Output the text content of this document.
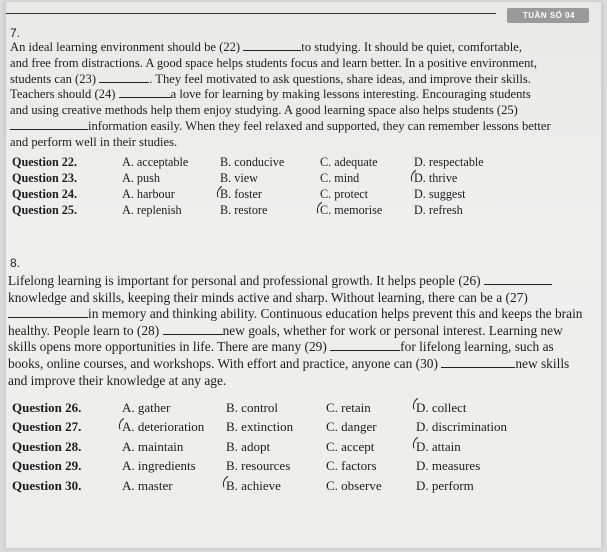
TUẦN SỐ 04
7.
An ideal learning environment should be (22)	to studying. It should be quiet, comfortable,
and free from distractions. A good space helps students focus and learn better. In a positive environment,
students can (23)	. They feel motivated to ask questions, share ideas, and improve their skills.
Teachers should (24)	a love for learning by making lessons interesting. Encouraging students
and using creative methods help them enjoy studying. A good learning space also helps students (25)
information easily. When they feel relaxed and supported, they can remember lessons better
and perform well in their studies.
Question 22.	A. acceptable	B. conducive	C. adequate	D. respectable
Question 23.	A. push	B. view	C. mind	D. thrive
Question 24.	A. harbour	B. foster	C. protect	D. suggest
Question 25.	A. replenish	B. restore	C. memorise	D. refresh
8.
Lifelong learning is important for personal and professional growth. It helps people (26)
knowledge and skills, keeping their minds active and sharp. Without learning, there can be a (27)
in memory and thinking ability. Continuous education helps prevent this and keeps the brain
healthy. People learn to (28)	new goals, whether for work or personal interest. Learning new
skills opens more opportunities in life. There are many (29)	for lifelong learning, such as
books, online courses, and workshops. With effort and practice, anyone can (30)	new skills
and improve their knowledge at any age.
Question 26.	A. gather	B. control	C. retain	D. collect
Question 27.	A. deterioration	B. extinction	C. danger	D. discrimination
Question 28.	A. maintain	B. adopt	C. accept	D. attain
Question 29.	A. ingredients	B. resources	C. factors	D. measures
Question 30.	A. master	B. achieve	C. observe	D. perform
